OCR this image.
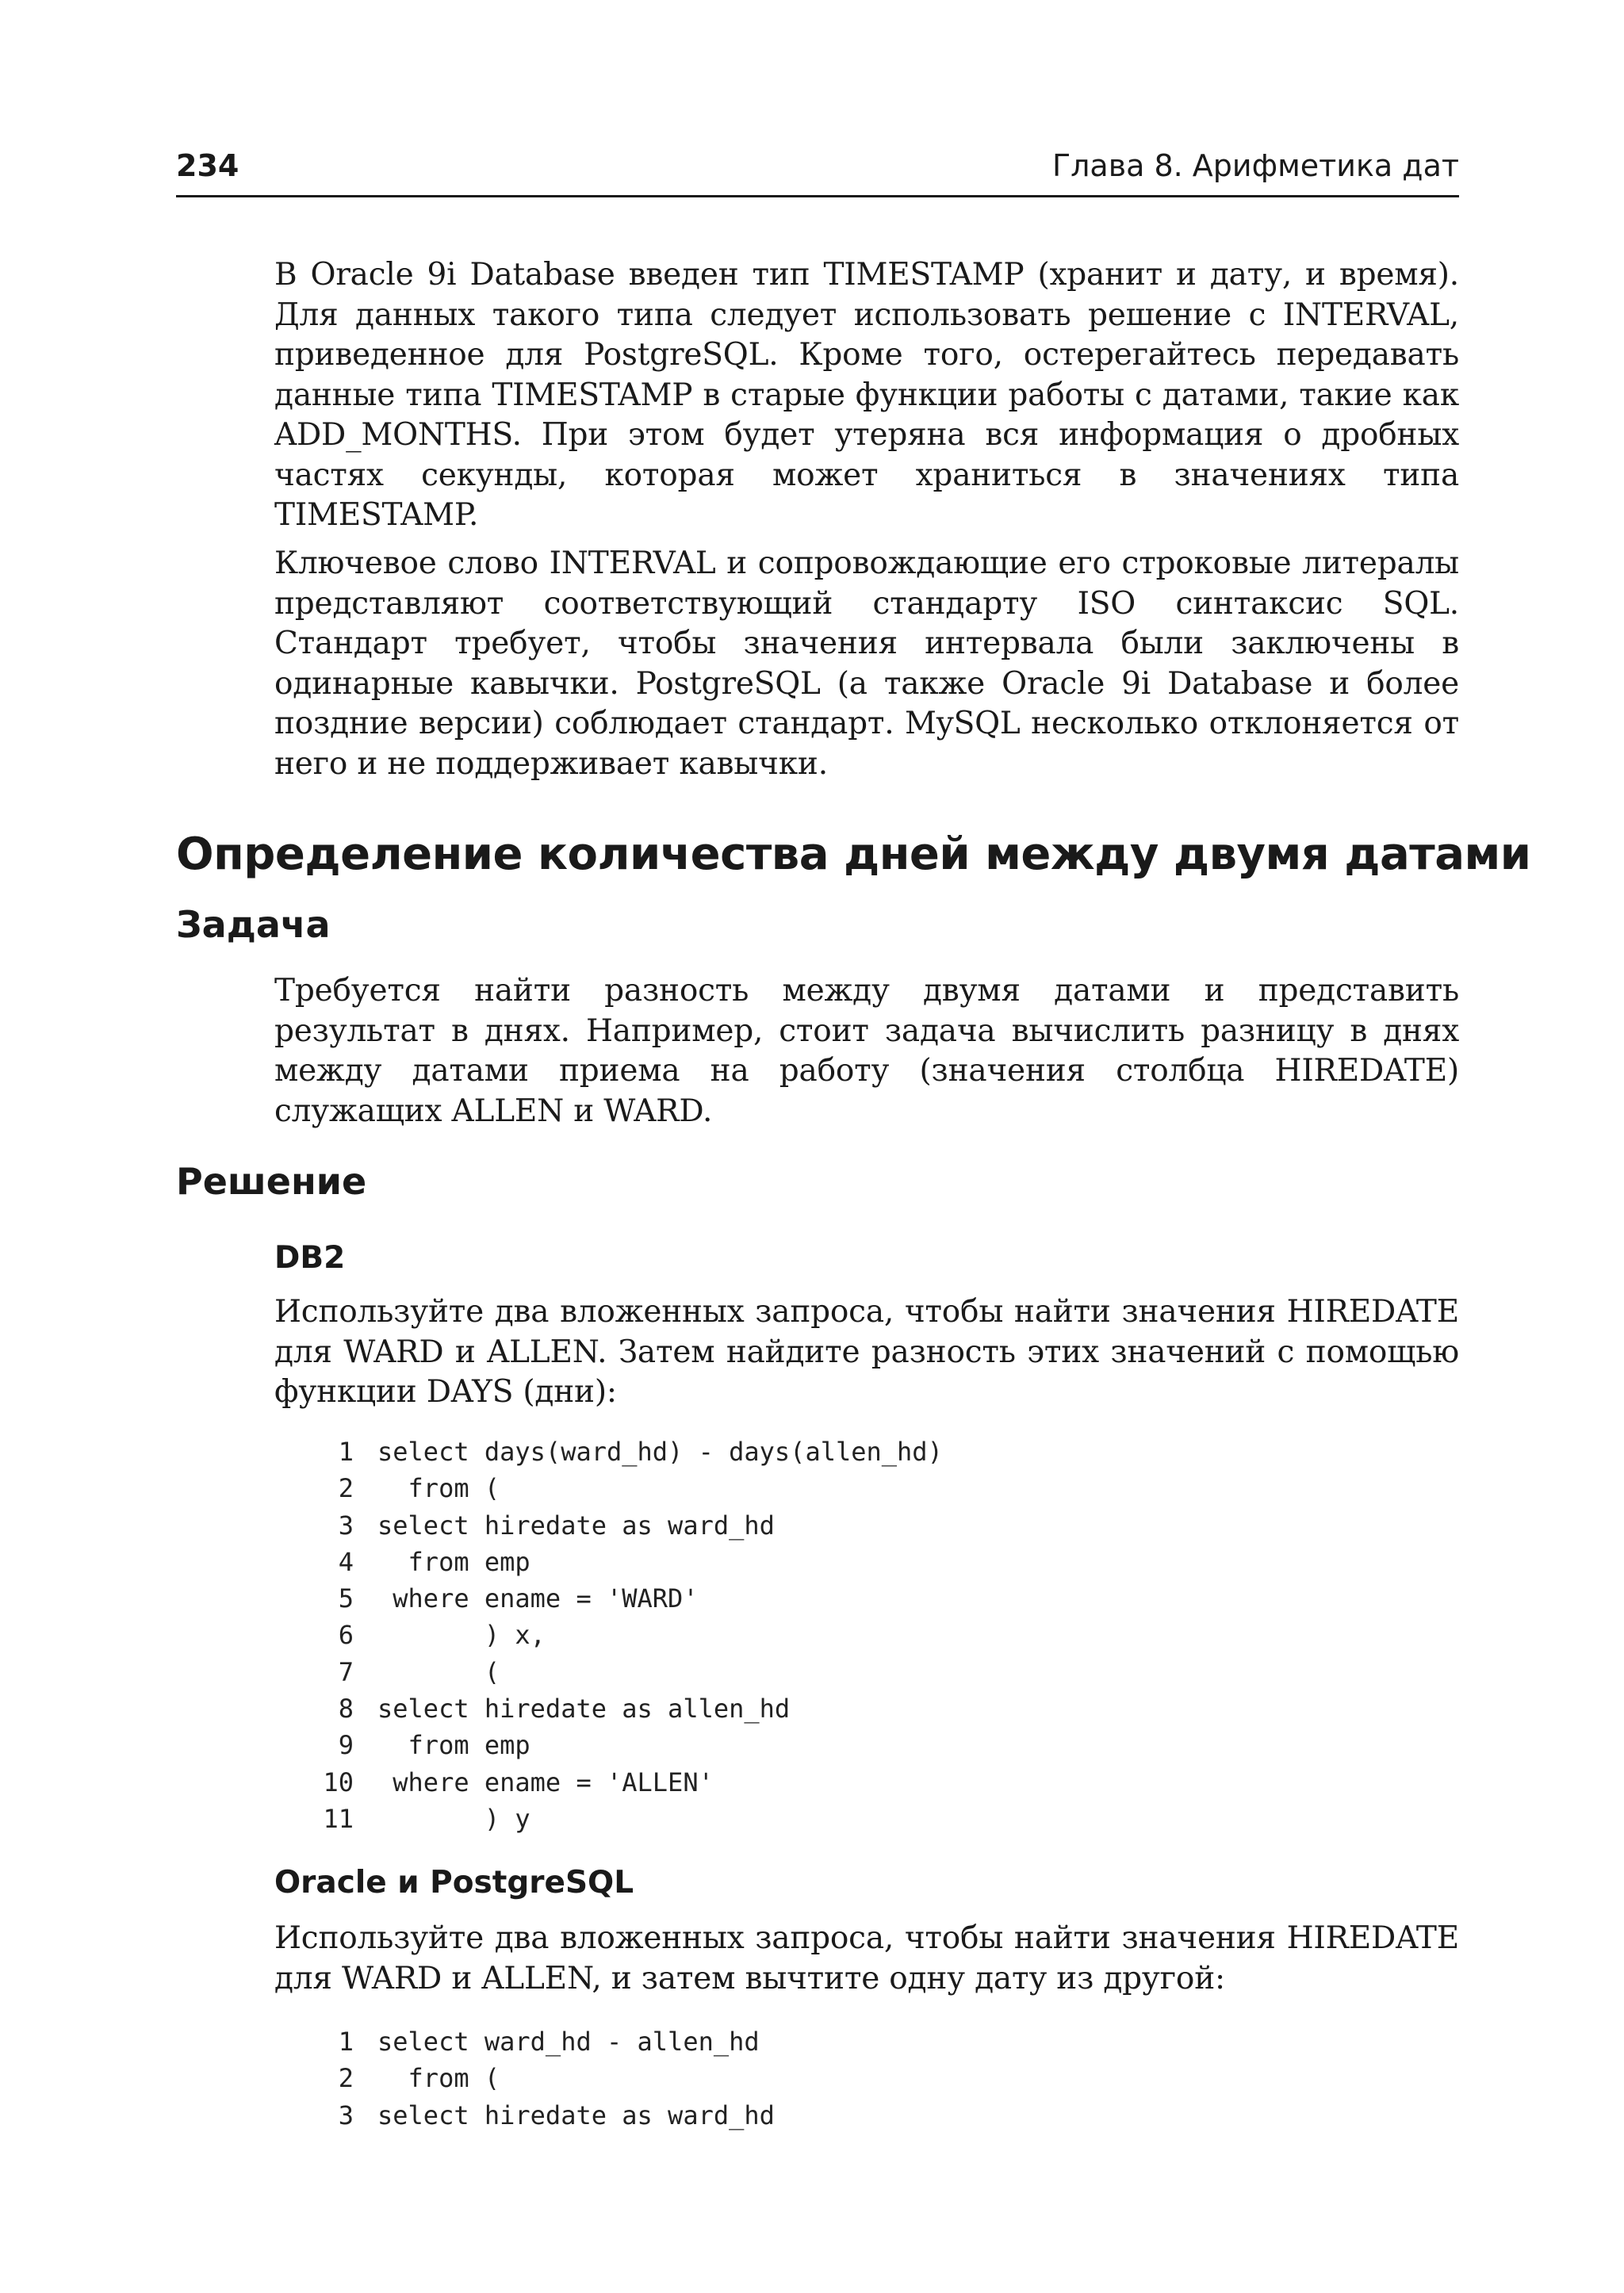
234	Глава 8. Арифметика дат

В Oracle 9i Database введен тип TIMESTAMP (хранит и дату, и время). Для данных такого типа следует использовать решение с INTERVAL, приведенное для PostgreSQL. Кроме того, остерегайтесь передавать данные типа TIMESTAMP в старые функции работы с датами, такие как ADD_MONTHS. При этом будет утеряна вся информация о дробных частях секунды, которая может храниться в значениях типа TIMESTAMP.

Ключевое слово INTERVAL и сопровождающие его строковые литералы представляют соответствующий стандарту ISO синтаксис SQL. Стандарт требует, чтобы значения интервала были заключены в одинарные кавычки. PostgreSQL (а также Oracle 9i Database и более поздние версии) соблюдает стандарт. MySQL несколько отклоняется от него и не поддерживает кавычки.

Определение количества дней между двумя датами
Задача

Требуется найти разность между двумя датами и представить результат в днях. Например, стоит задача вычислить разницу в днях между датами приема на работу (значения столбца HIREDATE) служащих ALLEN и WARD.

Решение
DB2

Используйте два вложенных запроса, чтобы найти значения HIREDATE для WARD и ALLEN. Затем найдите разность этих значений с помощью функции DAYS (дни):

1 select days(ward_hd) - days(allen_hd)
2  from (
3 select hiredate as ward_hd
4  from emp
5 where ename = 'WARD'
6       ) x,
7       (
8 select hiredate as allen_hd
9  from emp
10 where ename = 'ALLEN'
11       ) y
Oracle и PostgreSQL

Используйте два вложенных запроса, чтобы найти значения HIREDATE для WARD и ALLEN, и затем вычтите одну дату из другой:

1 select ward_hd - allen_hd
2  from (
3 select hiredate as ward_hd
